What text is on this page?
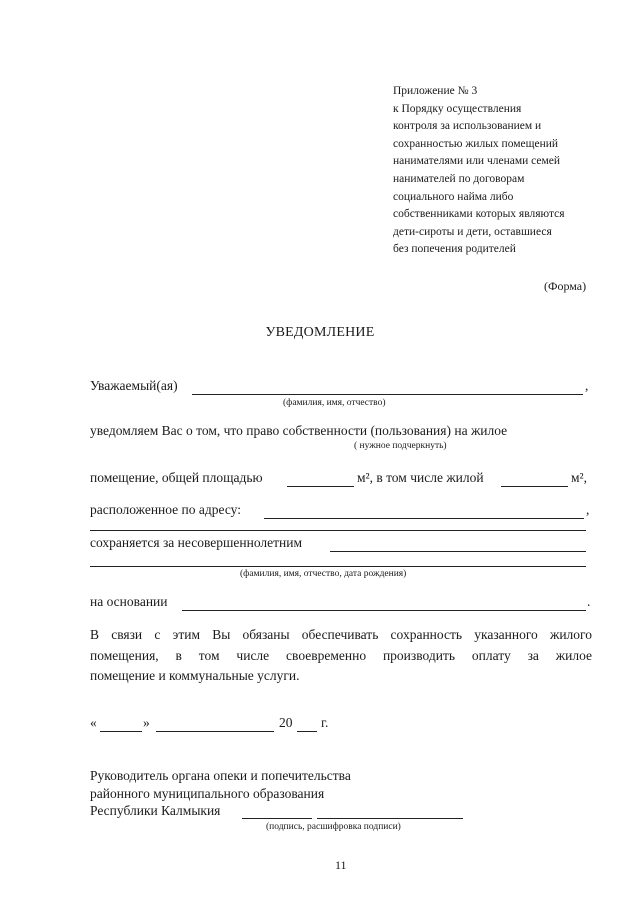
Приложение № 3
к Порядку осуществления
контроля за использованием и
сохранностью жилых помещений
нанимателями или членами семей
нанимателей по договорам
социального найма либо
собственниками которых являются
дети-сироты и дети, оставшиеся
без попечения родителей
(Форма)
УВЕДОМЛЕНИЕ
Уважаемый(ая)	,
(фамилия, имя, отчество)
уведомляем Вас о том, что право собственности (пользования) на жилое
( нужное подчеркнуть)
помещение, общей площадью	м², в том числе жилой	м²,
расположенное по адресу:	,
сохраняется за несовершеннолетним
(фамилия, имя, отчество, дата рождения)
на основании	.
В связи с этим Вы обязаны обеспечивать сохранность указанного жилого
помещения, в том числе своевременно производить оплату за жилое
помещение и коммунальные услуги.
«	»	20 г.
Руководитель органа опеки и попечительства
районного муниципального образования
Республики Калмыкия
(подпись, расшифровка подписи)
11
